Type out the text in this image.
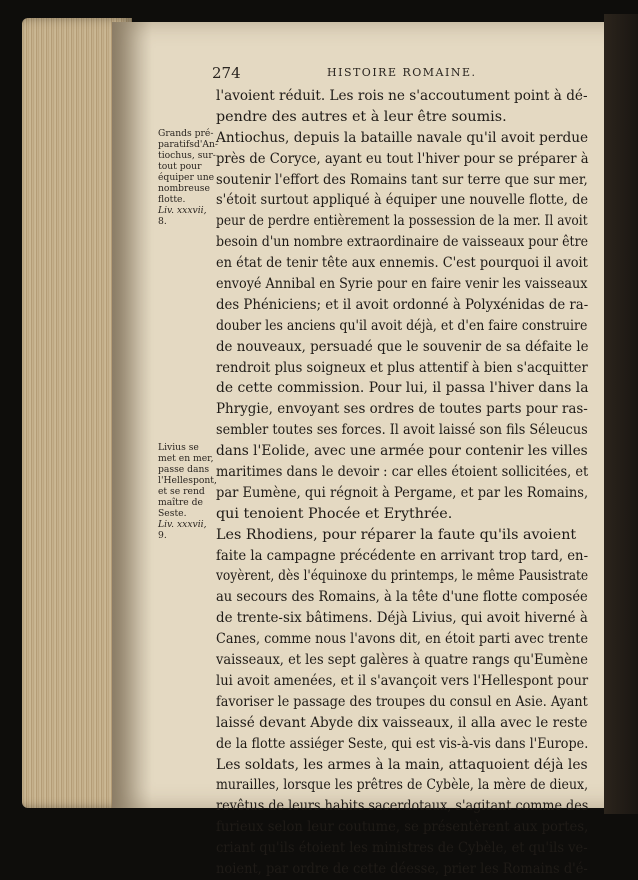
274	HISTOIRE ROMAINE.
Grands pré-
paratifsd'An-
tiochus, sur-
tout pour
équiper une
nombreuse
flotte.
Liv. xxxvii,
8.
Livius se
met en mer,
passe dans
l'Hellespont,
et se rend
maître de
Seste.
Liv. xxxvii,
9.
l'avoient réduit. Les rois ne s'accoutument point à dé-
pendre des autres et à leur être soumis.
Antiochus, depuis la bataille navale qu'il avoit perdue
près de Coryce, ayant eu tout l'hiver pour se préparer à
soutenir l'effort des Romains tant sur terre que sur mer,
s'étoit surtout appliqué à équiper une nouvelle flotte, de
peur de perdre entièrement la possession de la mer. Il avoit
besoin d'un nombre extraordinaire de vaisseaux pour être
en état de tenir tête aux ennemis. C'est pourquoi il avoit
envoyé Annibal en Syrie pour en faire venir les vaisseaux
des Phéniciens; et il avoit ordonné à Polyxénidas de ra-
douber les anciens qu'il avoit déjà, et d'en faire construire
de nouveaux, persuadé que le souvenir de sa défaite le
rendroit plus soigneux et plus attentif à bien s'acquitter
de cette commission. Pour lui, il passa l'hiver dans la
Phrygie, envoyant ses ordres de toutes parts pour ras-
sembler toutes ses forces. Il avoit laissé son fils Séleucus
dans l'Eolide, avec une armée pour contenir les villes
maritimes dans le devoir : car elles étoient sollicitées, et
par Eumène, qui régnoit à Pergame, et par les Romains,
qui tenoient Phocée et Erythrée.
Les Rhodiens, pour réparer la faute qu'ils avoient
faite la campagne précédente en arrivant trop tard, en-
voyèrent, dès l'équinoxe du printemps, le même Pausistrate
au secours des Romains, à la tête d'une flotte composée
de trente-six bâtimens. Déjà Livius, qui avoit hiverné à
Canes, comme nous l'avons dit, en étoit parti avec trente
vaisseaux, et les sept galères à quatre rangs qu'Eumène
lui avoit amenées, et il s'avançoit vers l'Hellespont pour
favoriser le passage des troupes du consul en Asie. Ayant
laissé devant Abyde dix vaisseaux, il alla avec le reste
de la flotte assiéger Seste, qui est vis-à-vis dans l'Europe.
Les soldats, les armes à la main, attaquoient déjà les
murailles, lorsque les prêtres de Cybèle, la mère de dieux,
revêtus de leurs habits sacerdotaux, s'agitant comme des
furieux selon leur coutume, se présentèrent aux portes,
criant qu'ils étoient les ministres de Cybèle, et qu'ils ve-
noient, par ordre de cette déesse, prier les Romains d'é-
